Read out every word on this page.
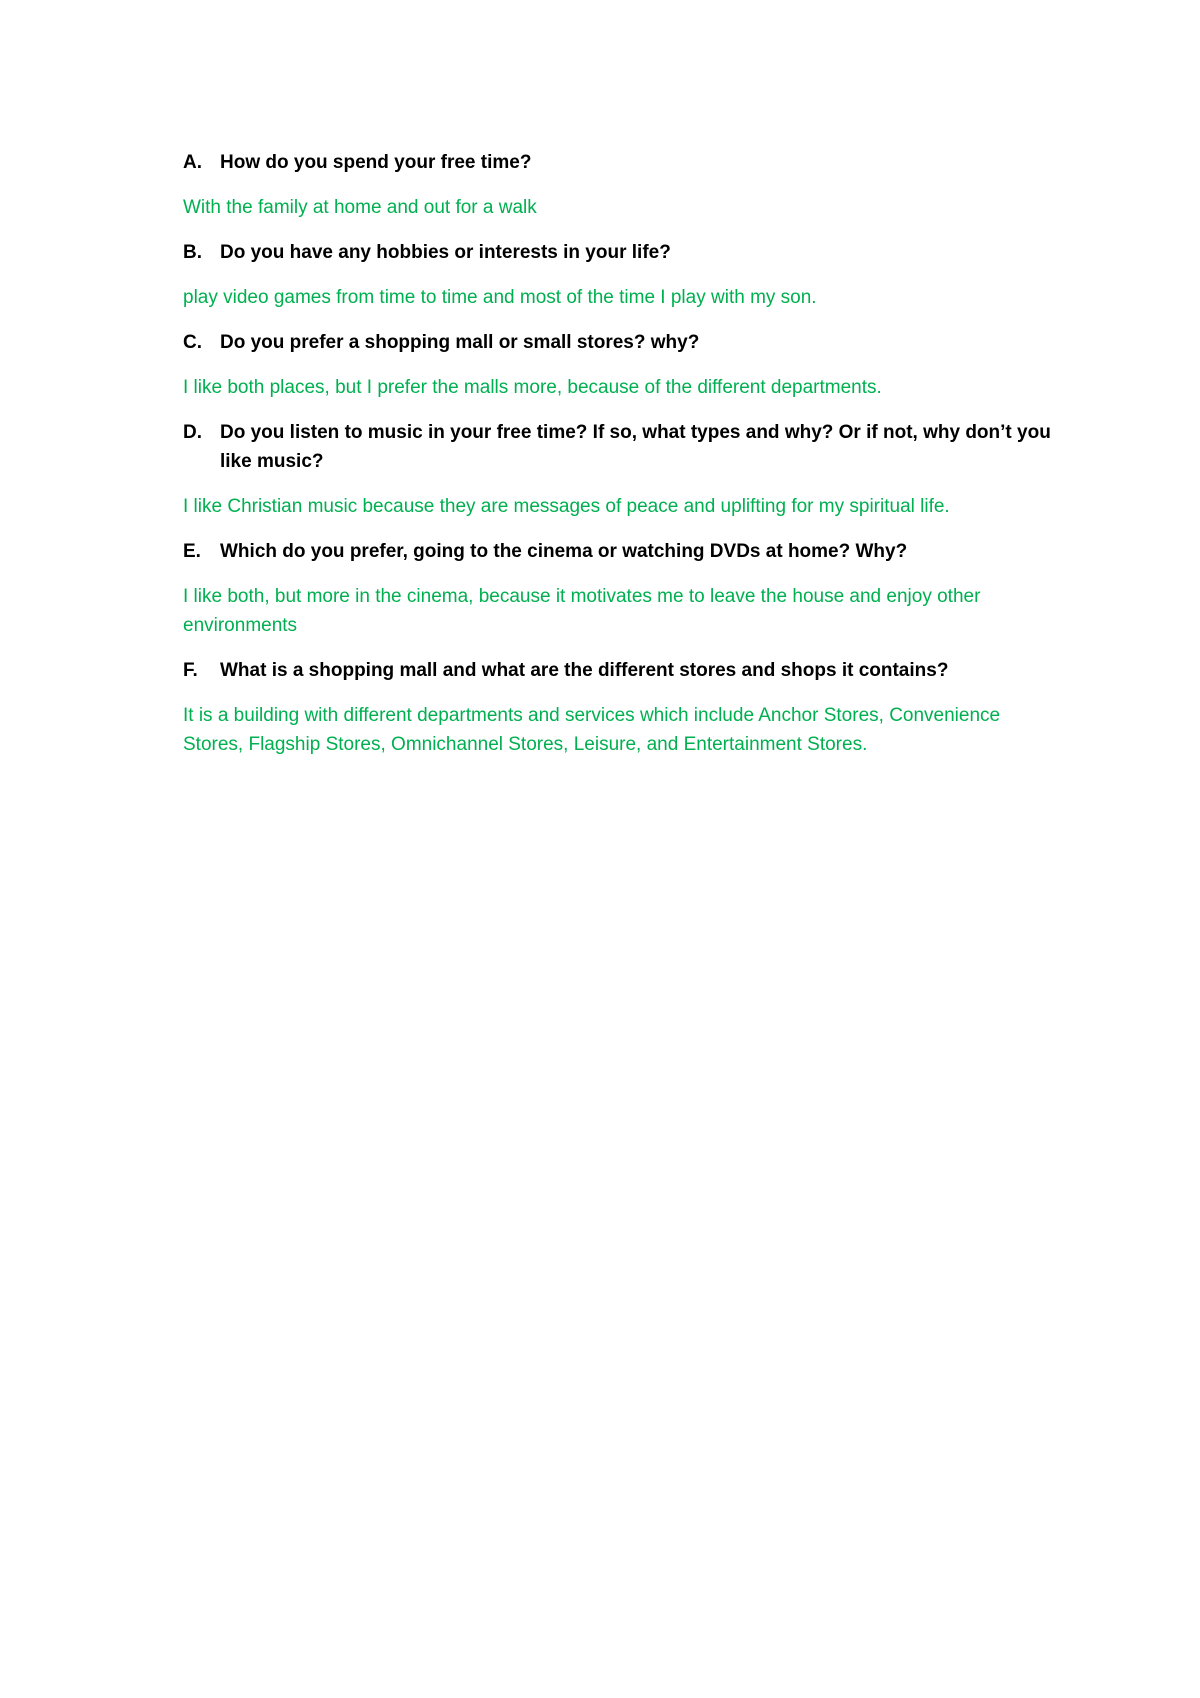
A. How do you spend your free time?
With the family at home and out for a walk
B. Do you have any hobbies or interests in your life?
play video games from time to time and most of the time I play with my son.
C. Do you prefer a shopping mall or small stores? why?
I like both places, but I prefer the malls more, because of the different departments.
D. Do you listen to music in your free time? If so, what types and why? Or if not, why don’t you like music?
I like Christian music because they are messages of peace and uplifting for my spiritual life.
E.	Which do you prefer, going to the cinema or watching DVDs at home? Why?
I like both, but more in the cinema, because it motivates me to leave the house and enjoy other environments
F.	What is a shopping mall and what are the different stores and shops it contains?
It is a building with different departments and services which include Anchor Stores, Convenience Stores, Flagship Stores, Omnichannel Stores, Leisure, and Entertainment Stores.
